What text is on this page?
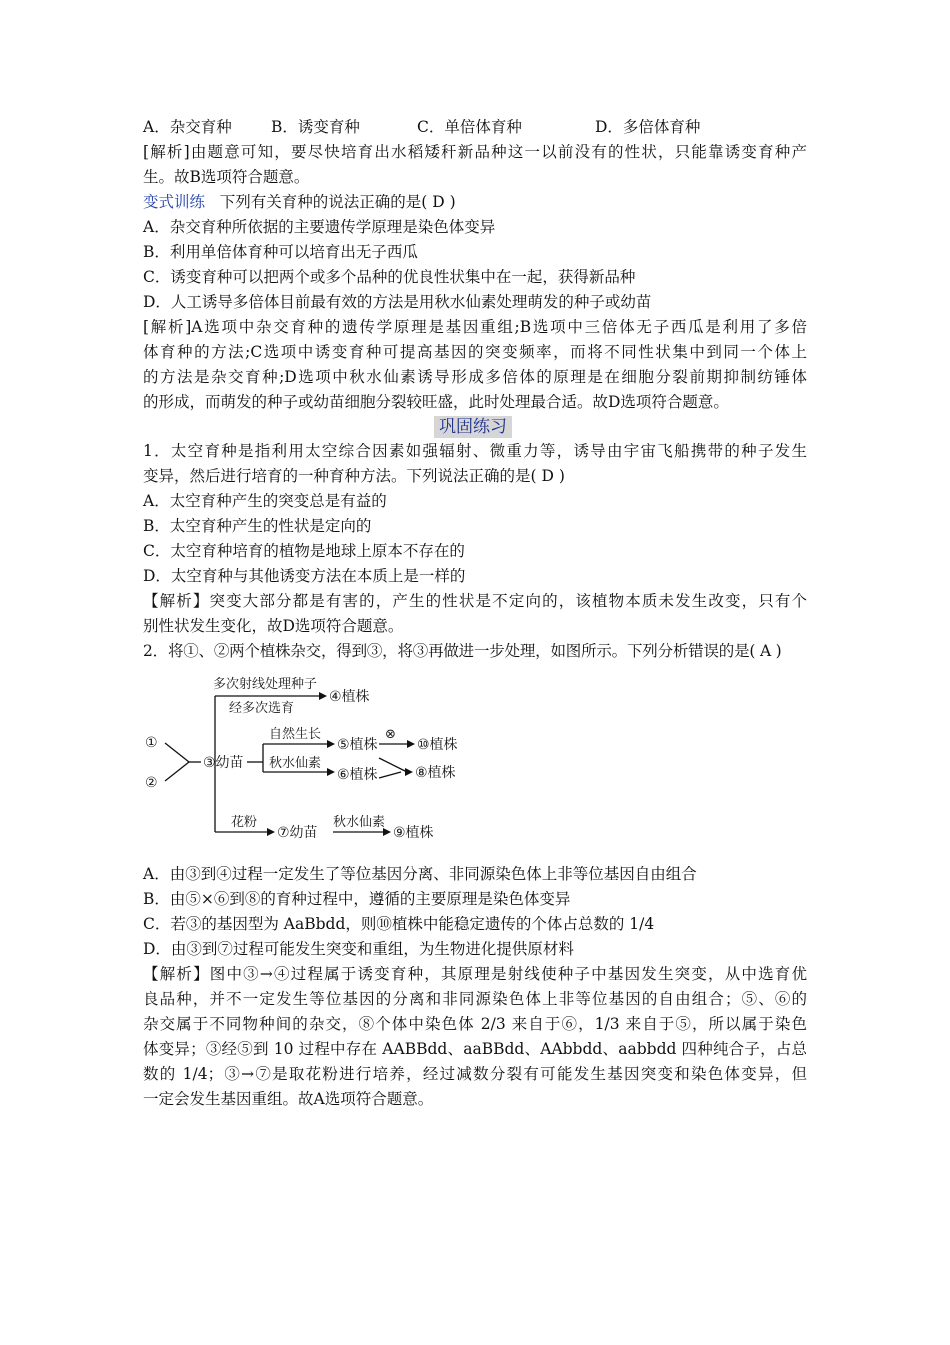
A．杂交育种	B．诱变育种	C．单倍体育种	D．多倍体育种
[解析]由题意可知，要尽快培育出水稻矮秆新品种这一以前没有的性状，只能靠诱变育种产
生。故B选项符合题意。
变式训练 下列有关育种的说法正确的是( D )
A．杂交育种所依据的主要遗传学原理是染色体变异
B．利用单倍体育种可以培育出无子西瓜
C．诱变育种可以把两个或多个品种的优良性状集中在一起，获得新品种
D．人工诱导多倍体目前最有效的方法是用秋水仙素处理萌发的种子或幼苗
[解析]A选项中杂交育种的遗传学原理是基因重组;B选项中三倍体无子西瓜是利用了多倍
体育种的方法;C选项中诱变育种可提高基因的突变频率，而将不同性状集中到同一个体上
的方法是杂交育种;D选项中秋水仙素诱导形成多倍体的原理是在细胞分裂前期抑制纺锤体
的形成，而萌发的种子或幼苗细胞分裂较旺盛，此时处理最合适。故D选项符合题意。
巩固练习
1．太空育种是指利用太空综合因素如强辐射、微重力等，诱导由宇宙飞船携带的种子发生
变异，然后进行培育的一种育种方法。下列说法正确的是( D )
A．太空育种产生的突变总是有益的
B．太空育种产生的性状是定向的
C．太空育种培育的植物是地球上原本不存在的
D．太空育种与其他诱变方法在本质上是一样的
【解析】突变大部分都是有害的，产生的性状是不定向的，该植物本质未发生改变，只有个
别性状发生变化，故D选项符合题意。
2．将①、②两个植株杂交，得到③，将③再做进一步处理，如图所示。下列分析错误的是( A )
①
②
③幼苗
多次射线处理种子
④植株
经多次选育
自然生长
秋水仙素
⑤植株
⑥植株
⊗
⑩植株
⑧植株
花粉
⑦幼苗
秋水仙素
⑨植株
A．由③到④过程一定发生了等位基因分离、非同源染色体上非等位基因自由组合
B．由⑤×⑥到⑧的育种过程中，遵循的主要原理是染色体变异
C．若③的基因型为 AaBbdd，则⑩植株中能稳定遗传的个体占总数的 1/4
D．由③到⑦过程可能发生突变和重组，为生物进化提供原材料
【解析】图中③→④过程属于诱变育种，其原理是射线使种子中基因发生突变，从中选育优
良品种，并不一定发生等位基因的分离和非同源染色体上非等位基因的自由组合；⑤、⑥的
杂交属于不同物种间的杂交，⑧个体中染色体 2/3 来自于⑥，1/3 来自于⑤，所以属于染色
体变异；③经⑤到 10 过程中存在 AABBdd、aaBBdd、AAbbdd、aabbdd 四种纯合子，占总
数的 1/4；③→⑦是取花粉进行培养，经过减数分裂有可能发生基因突变和染色体变异，但
一定会发生基因重组。故A选项符合题意。
